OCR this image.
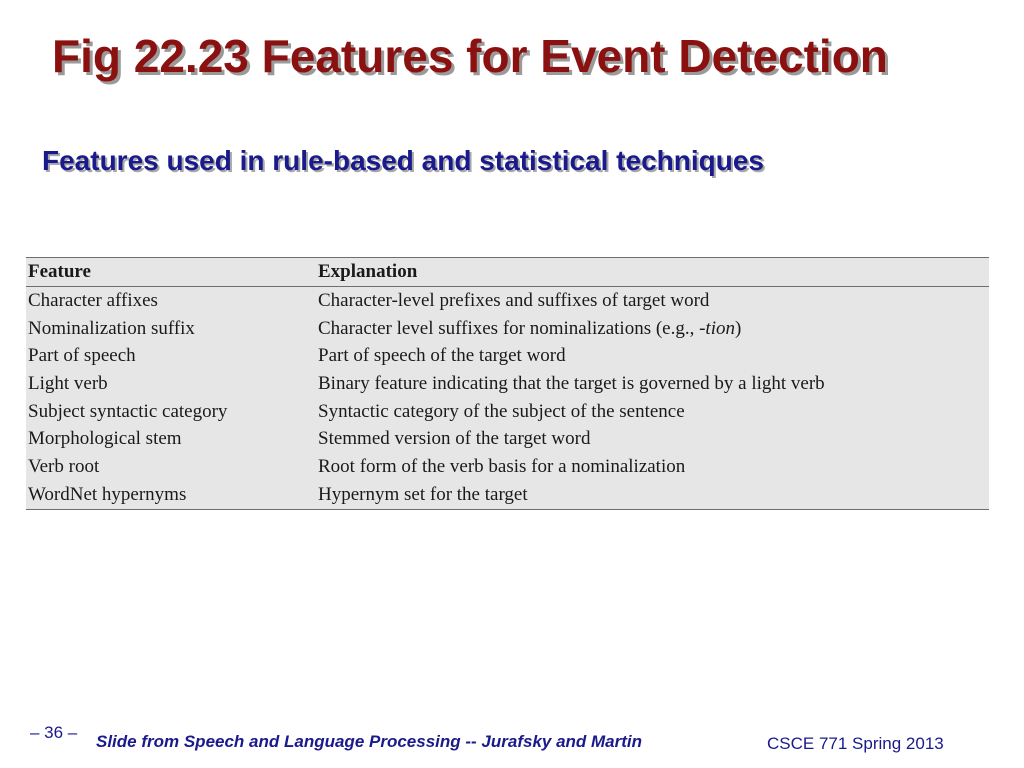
Fig 22.23 Features for Event Detection
Features used in rule-based and statistical techniques
Feature	Explanation
Character affixes	Character-level prefixes and suffixes of target word
Nominalization suffix	Character level suffixes for nominalizations (e.g., -tion)
Part of speech	Part of speech of the target word
Light verb	Binary feature indicating that the target is governed by a light verb
Subject syntactic category	Syntactic category of the subject of the sentence
Morphological stem	Stemmed version of the target word
Verb root	Root form of the verb basis for a nominalization
WordNet hypernyms	Hypernym set for the target
– 36 – Slide from Speech and Language Processing -- Jurafsky and Martin	CSCE 771 Spring 2013
